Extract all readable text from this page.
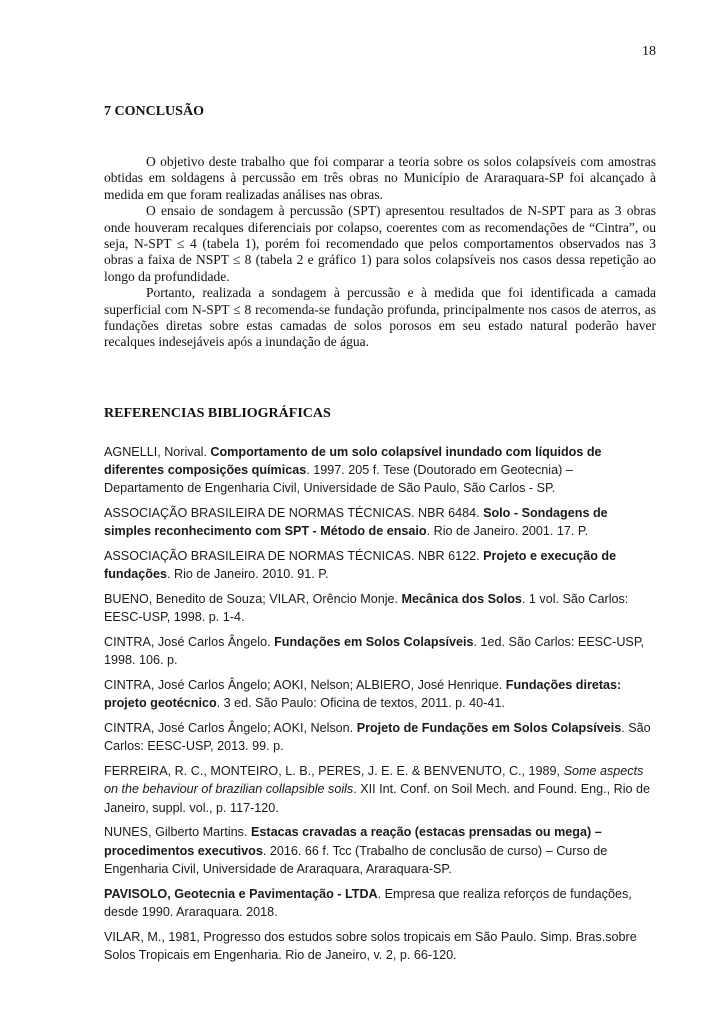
18
7 CONCLUSÃO

O objetivo deste trabalho que foi comparar a teoria sobre os solos colapsíveis com amostras obtidas em soldagens à percussão em três obras no Município de Araraquara-SP foi alcançado à medida em que foram realizadas análises nas obras.

O ensaio de sondagem à percussão (SPT) apresentou resultados de N-SPT para as 3 obras onde houveram recalques diferenciais por colapso, coerentes com as recomendações de “Cintra”, ou seja, N-SPT ≤ 4 (tabela 1), porém foi recomendado que pelos comportamentos observados nas 3 obras a faixa de NSPT ≤ 8 (tabela 2 e gráfico 1) para solos colapsíveis nos casos dessa repetição ao longo da profundidade.

Portanto, realizada a sondagem à percussão e à medida que foi identificada a camada superficial com N-SPT ≤ 8 recomenda-se fundação profunda, principalmente nos casos de aterros, as fundações diretas sobre estas camadas de solos porosos em seu estado natural poderão haver recalques indesejáveis após a inundação de água.

REFERENCIAS BIBLIOGRÁFICAS

AGNELLI, Norival. Comportamento de um solo colapsível inundado com líquidos de diferentes composições químicas. 1997. 205 f. Tese (Doutorado em Geotecnia) – Departamento de Engenharia Civil, Universidade de São Paulo, São Carlos - SP.

ASSOCIAÇÃO BRASILEIRA DE NORMAS TÉCNICAS. NBR 6484. Solo - Sondagens de simples reconhecimento com SPT - Método de ensaio. Rio de Janeiro. 2001. 17. P.

ASSOCIAÇÃO BRASILEIRA DE NORMAS TÉCNICAS. NBR 6122. Projeto e execução de fundações. Rio de Janeiro. 2010. 91. P.

BUENO, Benedito de Souza; VILAR, Orêncio Monje. Mecânica dos Solos. 1 vol. São Carlos: EESC-USP, 1998. p. 1-4.

CINTRA, José Carlos Ângelo. Fundações em Solos Colapsíveis. 1ed. São Carlos: EESC-USP, 1998. 106. p.

CINTRA, José Carlos Ângelo; AOKI, Nelson; ALBIERO, José Henrique. Fundações diretas: projeto geotécnico. 3 ed. São Paulo: Oficina de textos, 2011. p. 40-41.

CINTRA, José Carlos Ângelo; AOKI, Nelson. Projeto de Fundações em Solos Colapsíveis. São Carlos: EESC-USP, 2013. 99. p.

FERREIRA, R. C., MONTEIRO, L. B., PERES, J. E. E. & BENVENUTO, C., 1989, Some aspects on the behaviour of brazilian collapsible soils. XII Int. Conf. on Soil Mech. and Found. Eng., Rio de Janeiro, suppl. vol., p. 117-120.

NUNES, Gilberto Martins. Estacas cravadas a reação (estacas prensadas ou mega) – procedimentos executivos. 2016. 66 f. Tcc (Trabalho de conclusão de curso) – Curso de Engenharia Civil, Universidade de Araraquara, Araraquara-SP.

PAVISOLO, Geotecnia e Pavimentação - LTDA. Empresa que realiza reforços de fundações, desde 1990. Araraquara. 2018.

VILAR, M., 1981, Progresso dos estudos sobre solos tropicais em São Paulo. Simp. Bras.sobre Solos Tropicais em Engenharia. Rio de Janeiro, v. 2, p. 66-120.
